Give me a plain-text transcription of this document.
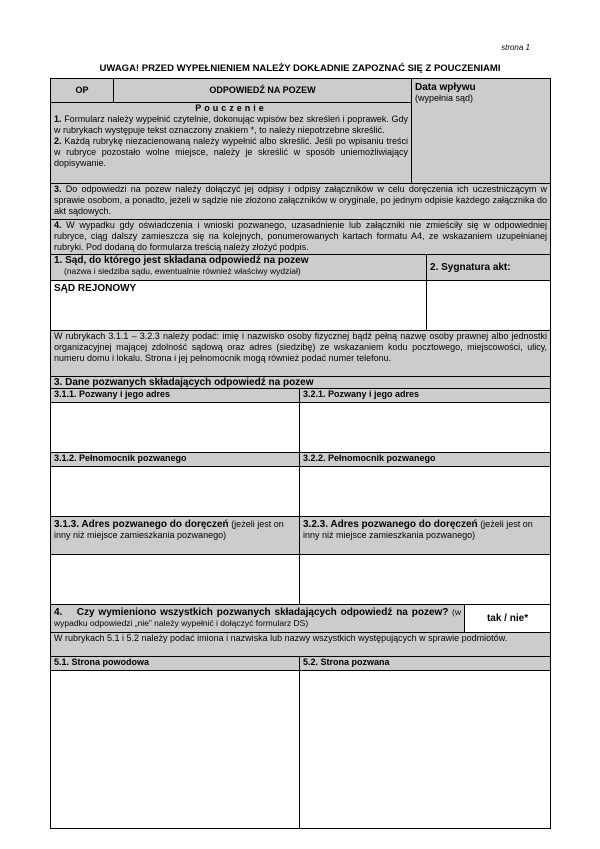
strona 1
UWAGA! PRZED WYPEŁNIENIEM NALEŻY DOKŁADNIE ZAPOZNAĆ SIĘ Z POUCZENIAMI
OP	ODPOWIEDŹ NA POZEW		Data wpływu
(wypełnia sąd)		

Pouczenie
1. Formularz należy wypełnić czytelnie, dokonując wpisów bez skreśleń i poprawek. Gdy w rubrykach występuje tekst oznaczony znakiem *, to należy niepotrzebne skreślić.
2. Każdą rubrykę niezacienowaną należy wypełnić albo skreślić. Jeśli po wpisaniu treści w rubryce pozostało wolne miejsce, należy je skreślić w sposób uniemożliwiający dopisywanie.					

3. Do odpowiedzi na pozew należy dołączyć jej odpisy i odpisy załączników w celu doręczenia ich uczestniczącym w sprawie osobom, a ponadto, jeżeli w sądzie nie złożono załączników w oryginale, po jednym odpisie każdego załącznika do akt sądowych.					
4. W wypadku gdy oświadczenia i wnioski pozwanego, uzasadnienie lub załączniki nie zmieściły się w odpowiedniej rubryce, ciąg dalszy zamieszcza się na kolejnych, ponumerowanych kartach formatu A4, ze wskazaniem uzupełnianej rubryki. Pod dodaną do formularza treścią należy złożyć podpis.					

1. Sąd, do którego jest składana odpowiedź na pozew
(nazwa i siedziba sądu, ewentualnie również właściwy wydział)				2. Sygnatura akt:	

SĄD REJONOWY					

W rubrykach 3.1.1 – 3.2.3 należy podać: imię i nazwisko osoby fizycznej bądź pełną nazwę osoby prawnej albo jednostki organizacyjnej mającej zdolność sądową oraz adres (siedzibę) ze wskazaniem kodu pocztowego, miejscowości, ulicy, numeru domu i lokalu. Strona i jej pełnomocnik mogą również podać numer telefonu.					
3. Dane pozwanych składających odpowiedź na pozew					
3.1.1. Pozwany i jego adres		3.2.1. Pozwany i jego adres			

3.1.2. Pełnomocnik pozwanego		3.2.2. Pełnomocnik pozwanego			

3.1.3. Adres pozwanego do doręczeń (jeżeli jest on inny niż miejsce zamieszkania pozwanego)		3.2.3. Adres pozwanego do doręczeń (jeżeli jest on inny niż miejsce zamieszkania pozwanego)			

4. Czy wymieniono wszystkich pozwanych składających odpowiedź na pozew? (w wypadku odpowiedzi „nie” należy wypełnić i dołączyć formularz DS)					tak / nie*
W rubrykach 5.1 i 5.2 należy podać imiona i nazwiska lub nazwy wszystkich występujących w sprawie podmiotów.					
5.1. Strona powodowa		5.2. Strona pozwana			
